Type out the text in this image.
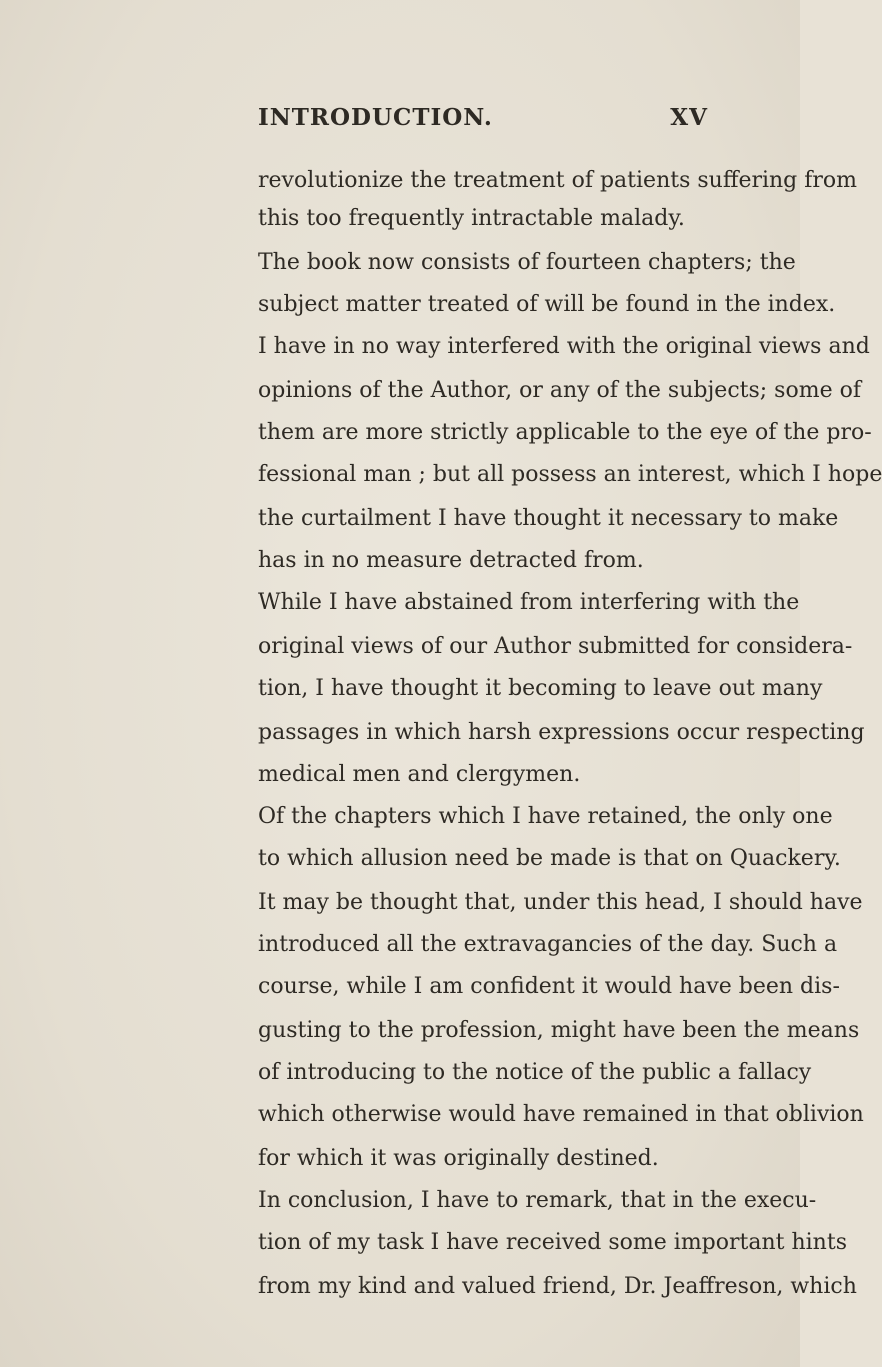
INTRODUCTION.	XV
revolutionize the treatment of patients suffering from
this too frequently intractable malady.
The book now consists of fourteen chapters; the
subject matter treated of will be found in the index.
I have in no way interfered with the original views and
opinions of the Author, or any of the subjects; some of
them are more strictly applicable to the eye of the pro-
fessional man ; but all possess an interest, which I hope
the curtailment I have thought it necessary to make
has in no measure detracted from.
While I have abstained from interfering with the
original views of our Author submitted for considera-
tion, I have thought it becoming to leave out many
passages in which harsh expressions occur respecting
medical men and clergymen.
Of the chapters which I have retained, the only one
to which allusion need be made is that on Quackery.
It may be thought that, under this head, I should have
introduced all the extravagancies of the day. Such a
course, while I am confident it would have been dis-
gusting to the profession, might have been the means
of introducing to the notice of the public a fallacy
which otherwise would have remained in that oblivion
for which it was originally destined.
In conclusion, I have to remark, that in the execu-
tion of my task I have received some important hints
from my kind and valued friend, Dr. Jeaffreson, which
